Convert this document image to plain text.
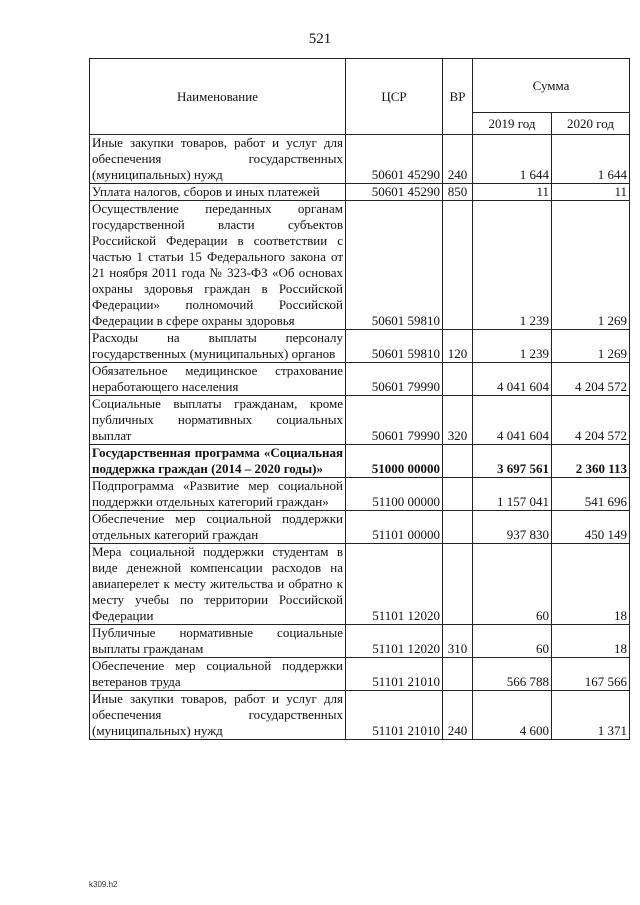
521
Наименование	ЦСР	ВР	Сумма	
			2019 год	2020 год
Иные закупки товаров, работ и услуг для обеспечения государственных (муниципальных) нужд	50601 45290	240	1 644	1 644
Уплата налогов, сборов и иных платежей	50601 45290	850	11	11
Осуществление переданных органам государственной власти субъектов Российской Федерации в соответствии с частью 1 статьи 15 Федерального закона от 21 ноября 2011 года № 323-ФЗ «Об основах охраны здоровья граждан в Российской Федерации» полномочий Российской Федерации в сфере охраны здоровья	50601 59810		1 239	1 269
Расходы на выплаты персоналу государственных (муниципальных) органов	50601 59810	120	1 239	1 269
Обязательное медицинское страхование неработающего населения	50601 79990		4 041 604	4 204 572
Социальные выплаты гражданам, кроме публичных нормативных социальных выплат	50601 79990	320	4 041 604	4 204 572
Государственная программа «Социальная поддержка граждан (2014 – 2020 годы)»	51000 00000		3 697 561	2 360 113
Подпрограмма «Развитие мер социальной поддержки отдельных категорий граждан»	51100 00000		1 157 041	541 696
Обеспечение мер социальной поддержки отдельных категорий граждан	51101 00000		937 830	450 149
Мера социальной поддержки студентам в виде денежной компенсации расходов на авиаперелет к месту жительства и обратно к месту учебы по территории Российской Федерации	51101 12020		60	18
Публичные нормативные социальные выплаты гражданам	51101 12020	310	60	18
Обеспечение мер социальной поддержки ветеранов труда	51101 21010		566 788	167 566
Иные закупки товаров, работ и услуг для обеспечения государственных (муниципальных) нужд	51101 21010	240	4 600	1 371
k309.h2
